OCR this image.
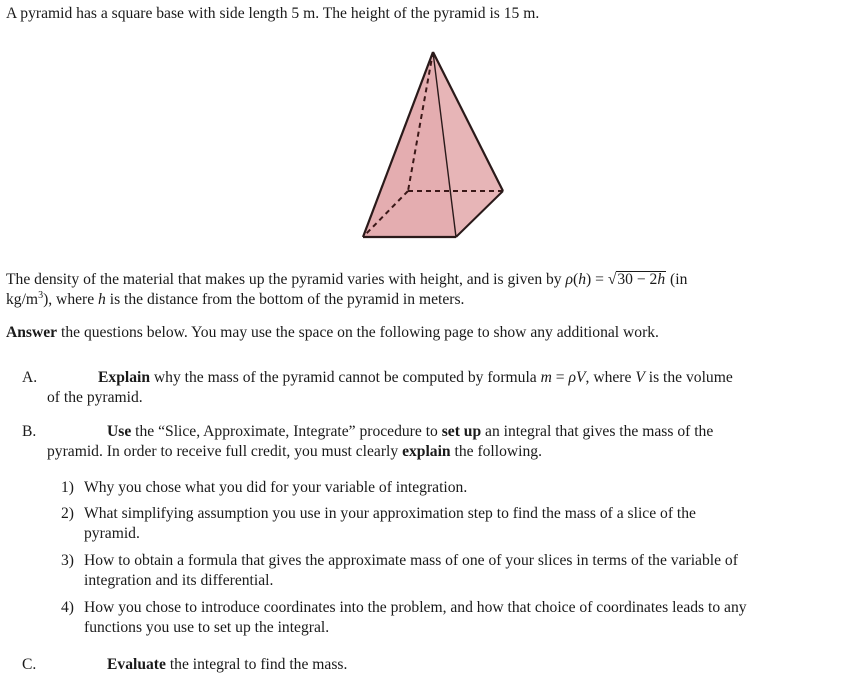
A pyramid has a square base with side length 5 m. The height of the pyramid is 15 m.
The density of the material that makes up the pyramid varies with height, and is given by ρ(h) = √30 − 2h (in
$kg/m^3$), where h is the distance from the bottom of the pyramid in meters.
Answer the questions below. You may use the space on the following page to show any additional work.
A.	Explain why the mass of the pyramid cannot be computed by formula m = ρV, where V is the volume
of the pyramid.
B.	Use the “Slice, Approximate, Integrate” procedure to set up an integral that gives the mass of the
pyramid. In order to receive full credit, you must clearly explain the following.
1) Why you chose what you did for your variable of integration.
2) What simplifying assumption you use in your approximation step to find the mass of a slice of the
pyramid.
3) How to obtain a formula that gives the approximate mass of one of your slices in terms of the variable of
integration and its differential.
4) How you chose to introduce coordinates into the problem, and how that choice of coordinates leads to any
functions you use to set up the integral.
C.	Evaluate the integral to find the mass.
